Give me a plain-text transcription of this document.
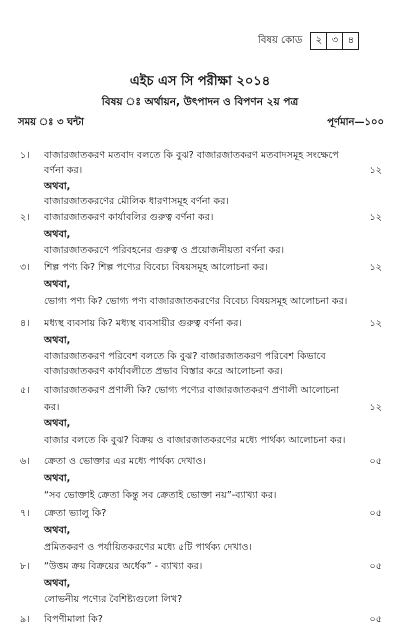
বিষয় কোড	২ ৩ ৪
এইচ এস সি পরীক্ষা ২০১৪
বিষয় ঃ অর্থায়ন, উৎপাদন ও বিপণন ২য় পত্র
সময় ঃ ৩ ঘন্টা	পূর্ণমান—১০০
১। বাজারজাতকরণ মতবাদ বলতে কি বুঝ? বাজারজাতকরণ মতবাদসমূহ সংক্ষেপে
বর্ণনা কর।	১২
অথবা,
বাজারজাতকরণের মৌলিক ধারণাসমূহ বর্ণনা কর।
২। বাজারজাতকরণ কার্যাবলির গুরুত্ব বর্ণনা কর।	১২
অথবা,
বাজারজাতকরণে পরিবহনের গুরুত্ব ও প্রয়োজনীয়তা বর্ণনা কর।
৩। শিল্প পণ্য কি? শিল্প পণ্যের বিবেচ্য বিষয়সমূহ আলোচনা কর।	১২
অথবা,
ভোগ্য পণ্য কি? ভোগ্য পণ্য বাজারজাতকরণের বিবেচ্য বিষয়সমূহ আলোচনা কর।
৪। মধ্যস্থ ব্যবসায় কি? মধ্যস্থ ব্যবসায়ীর গুরুত্ব বর্ণনা কর।	১২
অথবা,
বাজারজাতকরণ পরিবেশ বলতে কি বুঝ? বাজারজাতকরণ পরিবেশ কিভাবে
বাজারজাতকরণ কার্যাবলীতে প্রভাব বিস্তার করে আলোচনা কর।
৫। বাজারজাতকরণ প্রণালী কি? ভোগ্য পণ্যের বাজারজাতকরণ প্রণালী আলোচনা
কর।	১২
অথবা,
বাজার বলতে কি বুঝ? বিক্রয় ও বাজারজাতকরণের মধ্যে পার্থক্য আলোচনা কর।
৬। ক্রেতা ও ভোক্তার এর মধ্যে পার্থক্য দেখাও।	০৫
অথবা,
“সব ভোক্তাই ক্রেতা কিন্তু সব ক্রেতাই ভোক্তা নয়”-ব্যাখ্যা কর।
৭। ক্রেতা ভ্যালু কি?	০৫
অথবা,
প্রমিতকরণ ও পর্যায়িতকরণের মধ্যে ৫টি পার্থক্য দেখাও।
৮। “উত্তম ক্রয় বিক্রয়ের অর্ধেক” - ব্যাখ্যা কর।	০৫
অথবা,
লোভনীয় পণ্যের বৈশিষ্ট্যগুলো লিখ?
৯। বিপণীমালা কি?	০৫
